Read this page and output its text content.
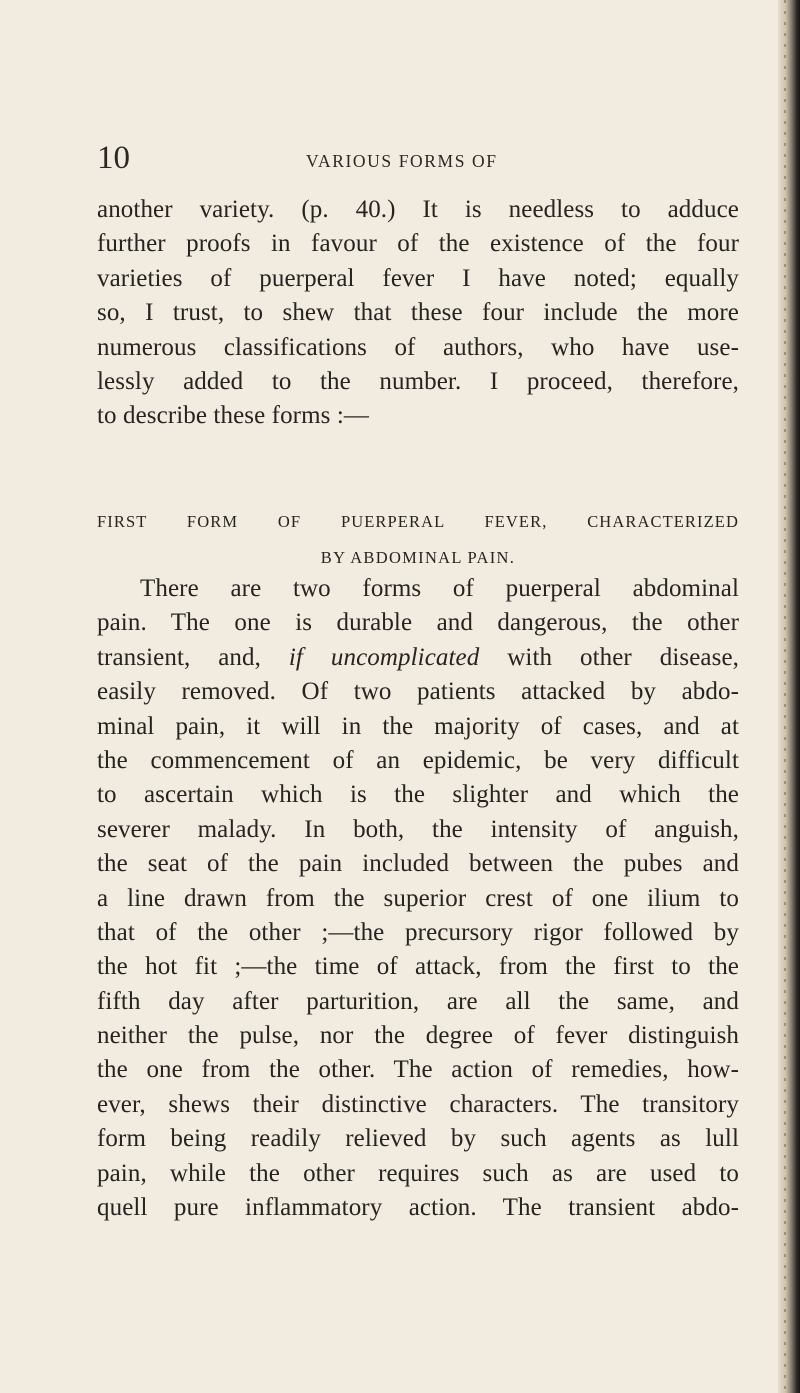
10	VARIOUS FORMS OF
another variety. (p. 40.) It is needless to adduce
further proofs in favour of the existence of the four
varieties of puerperal fever I have noted; equally
so, I trust, to shew that these four include the more
numerous classifications of authors, who have use-
lessly added to the number. I proceed, therefore,
to describe these forms :—
FIRST FORM OF PUERPERAL FEVER, CHARACTERIZED
BY ABDOMINAL PAIN.
There are two forms of puerperal abdominal
pain. The one is durable and dangerous, the other
transient, and, if uncomplicated with other disease,
easily removed. Of two patients attacked by abdo-
minal pain, it will in the majority of cases, and at
the commencement of an epidemic, be very difficult
to ascertain which is the slighter and which the
severer malady. In both, the intensity of anguish,
the seat of the pain included between the pubes and
a line drawn from the superior crest of one ilium to
that of the other ;—the precursory rigor followed by
the hot fit ;—the time of attack, from the first to the
fifth day after parturition, are all the same, and
neither the pulse, nor the degree of fever distinguish
the one from the other. The action of remedies, how-
ever, shews their distinctive characters. The transitory
form being readily relieved by such agents as lull
pain, while the other requires such as are used to
quell pure inflammatory action. The transient abdo-
